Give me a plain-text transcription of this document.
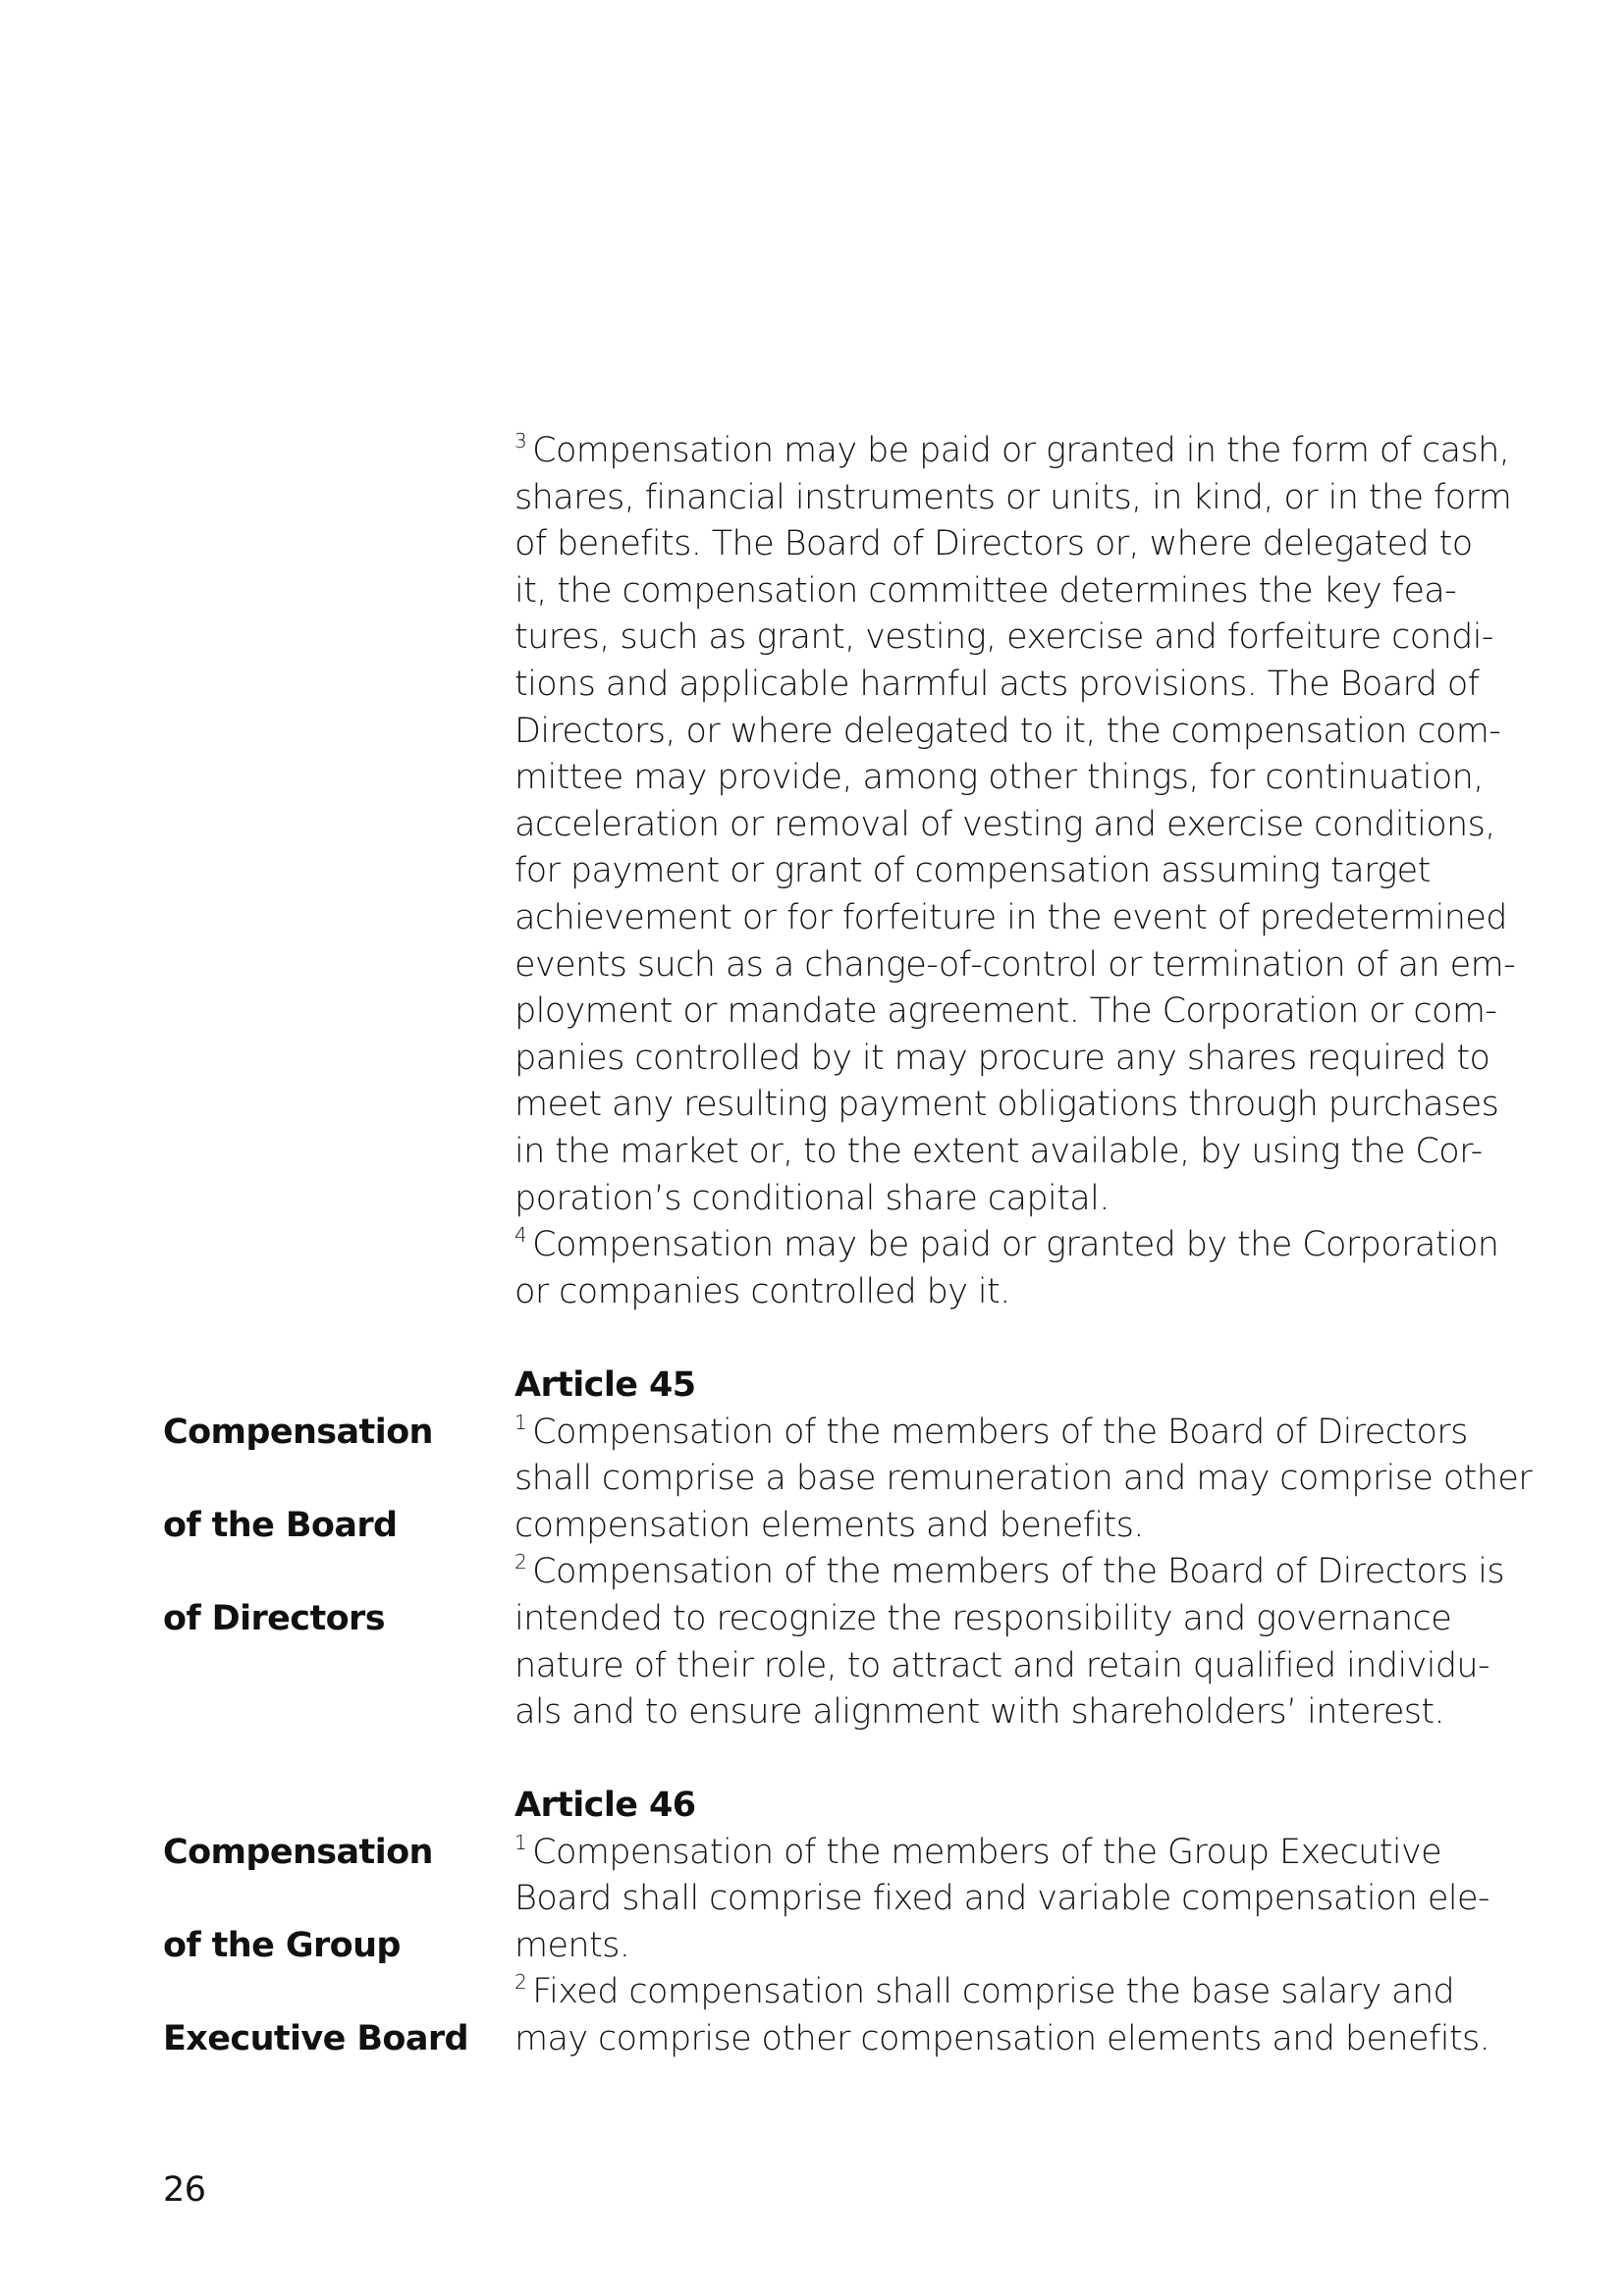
$^3$ Compensation may be paid or granted in the form of cash,
shares, financial instruments or units, in kind, or in the form
of benefits. The Board of Directors or, where delegated to
it, the compensation committee determines the key fea-
tures, such as grant, vesting, exercise and forfeiture condi-
tions and applicable harmful acts provisions. The Board of
Directors, or where delegated to it, the compensation com-
mittee may provide, among other things, for continuation,
acceleration or removal of vesting and exercise conditions,
for payment or grant of compensation assuming target
achievement or for forfeiture in the event of predetermined
events such as a change-of-control or termination of an em-
ployment or mandate agreement. The Corporation or com-
panies controlled by it may procure any shares required to
meet any resulting payment obligations through purchases
in the market or, to the extent available, by using the Cor-
poration’s conditional share capital.
$^4$ Compensation may be paid or granted by the Corporation
or companies controlled by it.
Article 45
$^1$ Compensation of the members of the Board of Directors
shall comprise a base remuneration and may comprise other
compensation elements and benefits.
$^2$ Compensation of the members of the Board of Directors is
intended to recognize the responsibility and governance
nature of their role, to attract and retain qualified individu-
als and to ensure alignment with shareholders’ interest.
Compensation

of the Board

of Directors
Article 46
$^1$ Compensation of the members of the Group Executive
Board shall comprise fixed and variable compensation ele-
ments.
$^2$ Fixed compensation shall comprise the base salary and
may comprise other compensation elements and benefits.
Compensation

of the Group

Executive Board
26
